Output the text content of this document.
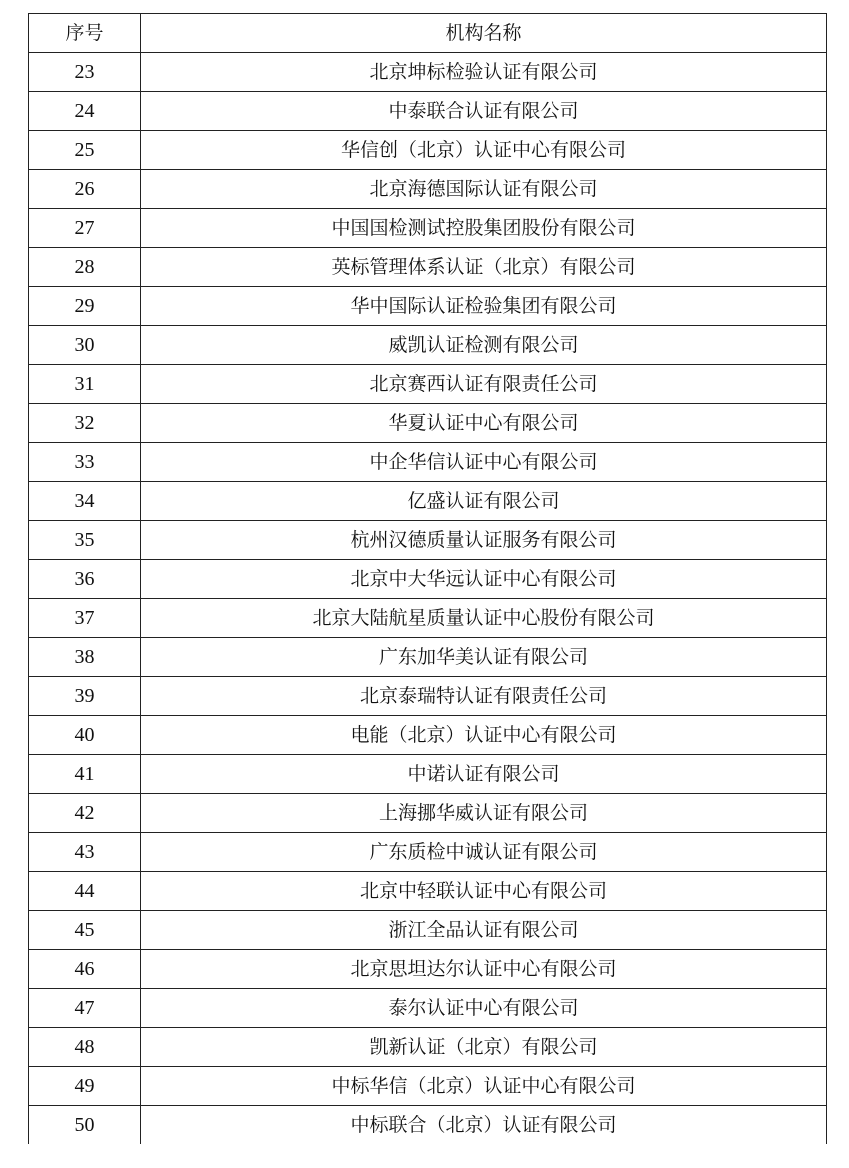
序号	机构名称
23	北京坤标检验认证有限公司
24	中泰联合认证有限公司
25	华信创（北京）认证中心有限公司
26	北京海德国际认证有限公司
27	中国国检测试控股集团股份有限公司
28	英标管理体系认证（北京）有限公司
29	华中国际认证检验集团有限公司
30	威凯认证检测有限公司
31	北京赛西认证有限责任公司
32	华夏认证中心有限公司
33	中企华信认证中心有限公司
34	亿盛认证有限公司
35	杭州汉德质量认证服务有限公司
36	北京中大华远认证中心有限公司
37	北京大陆航星质量认证中心股份有限公司
38	广东加华美认证有限公司
39	北京泰瑞特认证有限责任公司
40	电能（北京）认证中心有限公司
41	中诺认证有限公司
42	上海挪华威认证有限公司
43	广东质检中诚认证有限公司
44	北京中轻联认证中心有限公司
45	浙江全品认证有限公司
46	北京思坦达尔认证中心有限公司
47	泰尔认证中心有限公司
48	凯新认证（北京）有限公司
49	中标华信（北京）认证中心有限公司
50	中标联合（北京）认证有限公司
